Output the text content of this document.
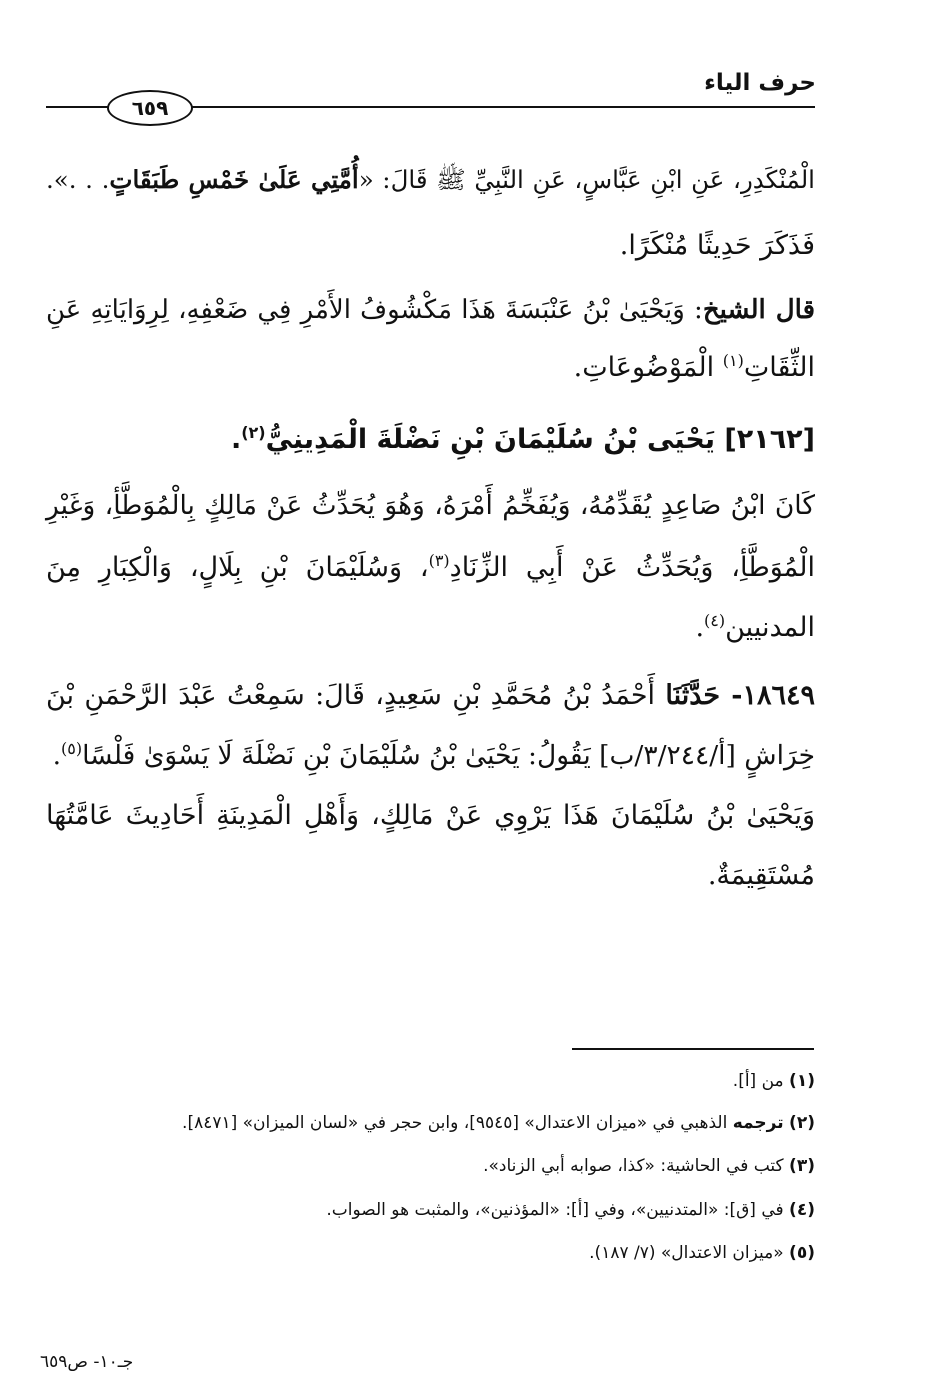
حرف الياء
٦٥٩
الْمُنْكَدِرِ، عَنِ ابْنِ عَبَّاسٍ، عَنِ النَّبِيِّ ﷺ قَالَ: «أُمَّتِي عَلَىٰ خَمْسِ طَبَقَاتٍ. . .».
فَذَكَرَ حَدِيثًا مُنْكَرًا.
قال الشيخ: وَيَحْيَىٰ بْنُ عَنْبَسَةَ هَذَا مَكْشُوفُ الأَمْرِ فِي ضَعْفِهِ، لِرِوَايَاتِهِ عَنِ
الثِّقَاتِ$^{(١)}$ الْمَوْضُوعَاتِ.
[٢١٦٢] يَحْيَى بْنُ سُلَيْمَانَ بْنِ نَضْلَةَ الْمَدِينِيُّ$^{(٢)}$.
كَانَ ابْنُ صَاعِدٍ يُقَدِّمُهُ، وَيُفَخِّمُ أَمْرَهُ، وَهُوَ يُحَدِّثُ عَنْ مَالِكٍ بِالْمُوَطَّأِ، وَغَيْرِ
الْمُوَطَّأِ، وَيُحَدِّثُ عَنْ أَبِي الزِّنَادِ$^{(٣)}$، وَسُلَيْمَانَ بْنِ بِلَالٍ، وَالْكِبَارِ مِنَ
المدنيين$^{(٤)}$.
١٨٦٤٩- حَدَّثَنَا أَحْمَدُ بْنُ مُحَمَّدِ بْنِ سَعِيدٍ، قَالَ: سَمِعْتُ عَبْدَ الرَّحْمَنِ بْنَ
خِرَاشٍ [أ/٣/٢٤٤/ب] يَقُولُ: يَحْيَىٰ بْنُ سُلَيْمَانَ بْنِ نَضْلَةَ لَا يَسْوَىٰ فَلْسًا$^{(٥)}$.
وَيَحْيَىٰ بْنُ سُلَيْمَانَ هَذَا يَرْوِي عَنْ مَالِكٍ، وَأَهْلِ الْمَدِينَةِ أَحَادِيثَ عَامَّتُهَا
مُسْتَقِيمَةٌ.
(١) من [أ].
(٢) ترجمه الذهبي في «ميزان الاعتدال» [٩٥٤٥]، وابن حجر في «لسان الميزان» [٨٤٧١].
(٣) كتب في الحاشية: «كذا، صوابه أبي الزناد».
(٤) في [ق]: «المتدنيين»، وفي [أ]: «المؤذنين»، والمثبت هو الصواب.
(٥) «ميزان الاعتدال» (٧/ ١٨٧).
جـ١٠- ص٦٥٩
